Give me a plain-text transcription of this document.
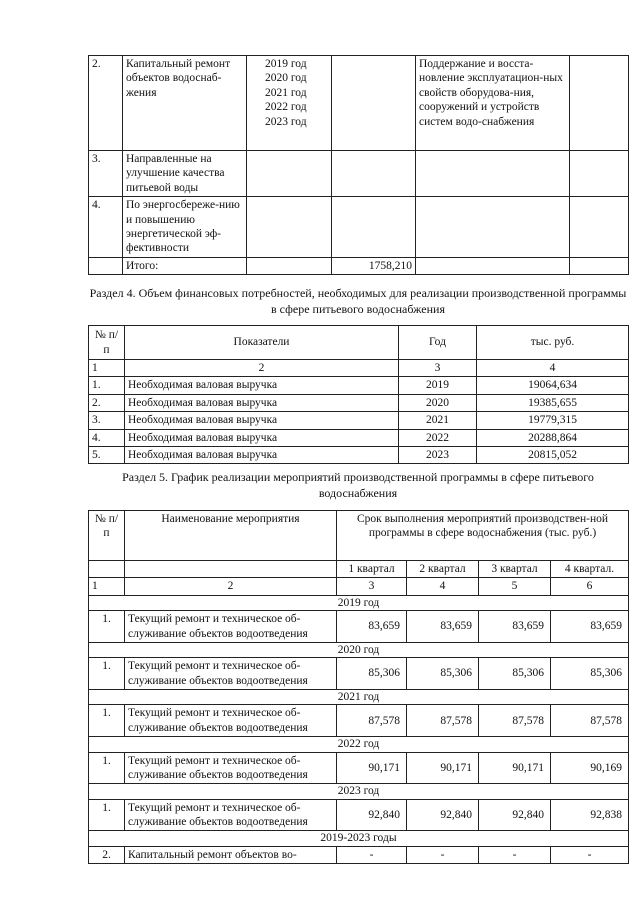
2.	Капитальный ремонт объектов водоснаб-жения	2019 год
2020 год
2021 год
2022 год
2023 год		Поддержание и восста-новление эксплуатацион-ных свойств оборудова-ния, сооружений и устройств систем водо-снабжения	
3.	Направленные на улучшение качества питьевой воды				
4.	По энергосбереже-нию и повышению энергетической эф-фективности				
	Итого:		1758,210		
Раздел 4. Объем финансовых потребностей, необходимых для реализации производственной программы в сфере питьевого водоснабжения
№ п/п	Показатели	Год	тыс. руб.
1	2	3	4
1.	Необходимая валовая выручка	2019	19064,634
2.	Необходимая валовая выручка	2020	19385,655
3.	Необходимая валовая выручка	2021	19779,315
4.	Необходимая валовая выручка	2022	20288,864
5.	Необходимая валовая выручка	2023	20815,052
Раздел 5. График реализации мероприятий производственной программы в сфере питьевого водоснабжения
№ п/п	Наименование мероприятия	Срок выполнения мероприятий производствен-ной программы в сфере водоснабжения (тыс. руб.)			
		1 квартал	2 квартал	3 квартал	4 квартал.
1	2	3	4	5	6
2019 год					
1.	Текущий ремонт и техническое об-служивание объектов водоотведения	83,659	83,659	83,659	83,659
2020 год					
1.	Текущий ремонт и техническое об-служивание объектов водоотведения	85,306	85,306	85,306	85,306
2021 год					
1.	Текущий ремонт и техническое об-служивание объектов водоотведения	87,578	87,578	87,578	87,578
2022 год					
1.	Текущий ремонт и техническое об-служивание объектов водоотведения	90,171	90,171	90,171	90,169
2023 год					
1.	Текущий ремонт и техническое об-служивание объектов водоотведения	92,840	92,840	92,840	92,838
2019-2023 годы					
2.	Капитальный ремонт объектов во-	-	-	-	-
